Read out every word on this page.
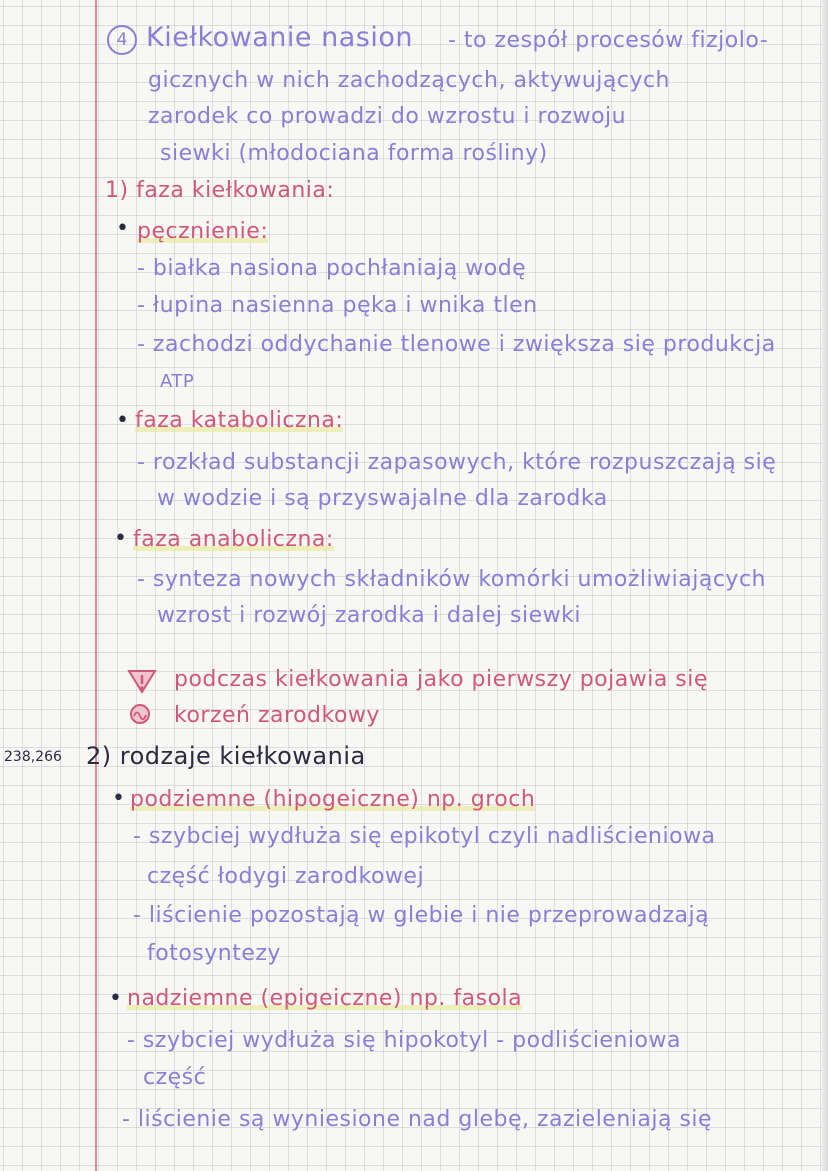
238,266
4 Kiełkowanie nasion - to zespół procesów fizjolo-
gicznych w nich zachodzących, aktywujących
zarodek co prowadzi do wzrostu i rozwoju
siewki (młodociana forma rośliny)
1) faza kiełkowania:
• pęcznienie:
- białka nasiona pochłaniają wodę
- łupina nasienna pęka i wnika tlen
- zachodzi oddychanie tlenowe i zwiększa się produkcja
ATP
• faza kataboliczna:
- rozkład substancji zapasowych, które rozpuszczają się
w wodzie i są przyswajalne dla zarodka
• faza anaboliczna:
- synteza nowych składników komórki umożliwiających
wzrost i rozwój zarodka i dalej siewki
podczas kiełkowania jako pierwszy pojawia się
korzeń zarodkowy
2) rodzaje kiełkowania
• podziemne (hipogeiczne) np. groch
- szybciej wydłuża się epikotyl czyli nadliścieniowa
część łodygi zarodkowej
- liścienie pozostają w glebie i nie przeprowadzają
fotosyntezy
• nadziemne (epigeiczne) np. fasola
- szybciej wydłuża się hipokotyl - podliścieniowa
część
- liścienie są wyniesione nad glebę, zazieleniają się
